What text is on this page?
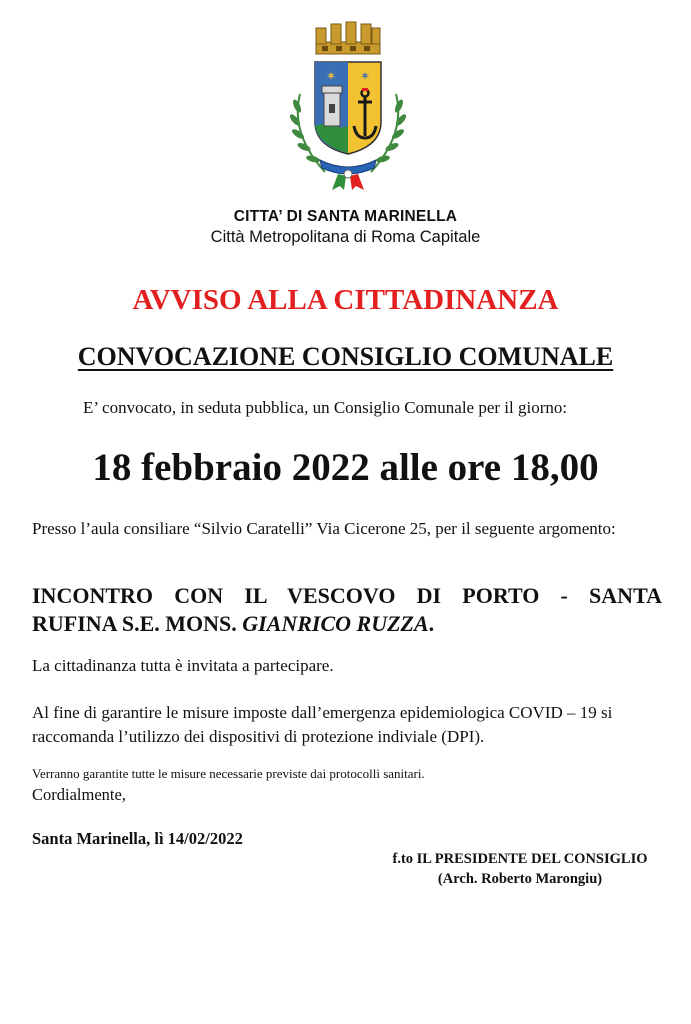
✶ ✶
CITTA’ DI SANTA MARINELLA
Città Metropolitana di Roma Capitale
AVVISO ALLA CITTADINANZA
CONVOCAZIONE CONSIGLIO COMUNALE
E’ convocato, in seduta pubblica, un Consiglio Comunale per il giorno:
18 febbraio 2022 alle ore 18,00
Presso l’aula consiliare “Silvio Caratelli” Via Cicerone 25, per il seguente argomento:
INCONTRO CON IL VESCOVO DI PORTO - SANTA
RUFINA S.E. MONS. GIANRICO RUZZA.
La cittadinanza tutta è invitata a partecipare.
Al fine di garantire le misure imposte dall’emergenza epidemiologica COVID – 19 si
raccomanda l’utilizzo dei dispositivi di protezione indiviale (DPI).
Verranno garantite tutte le misure necessarie previste dai protocolli sanitari.
Cordialmente,
Santa Marinella, lì 14/02/2022
f.to IL PRESIDENTE DEL CONSIGLIO
(Arch. Roberto Marongiu)
